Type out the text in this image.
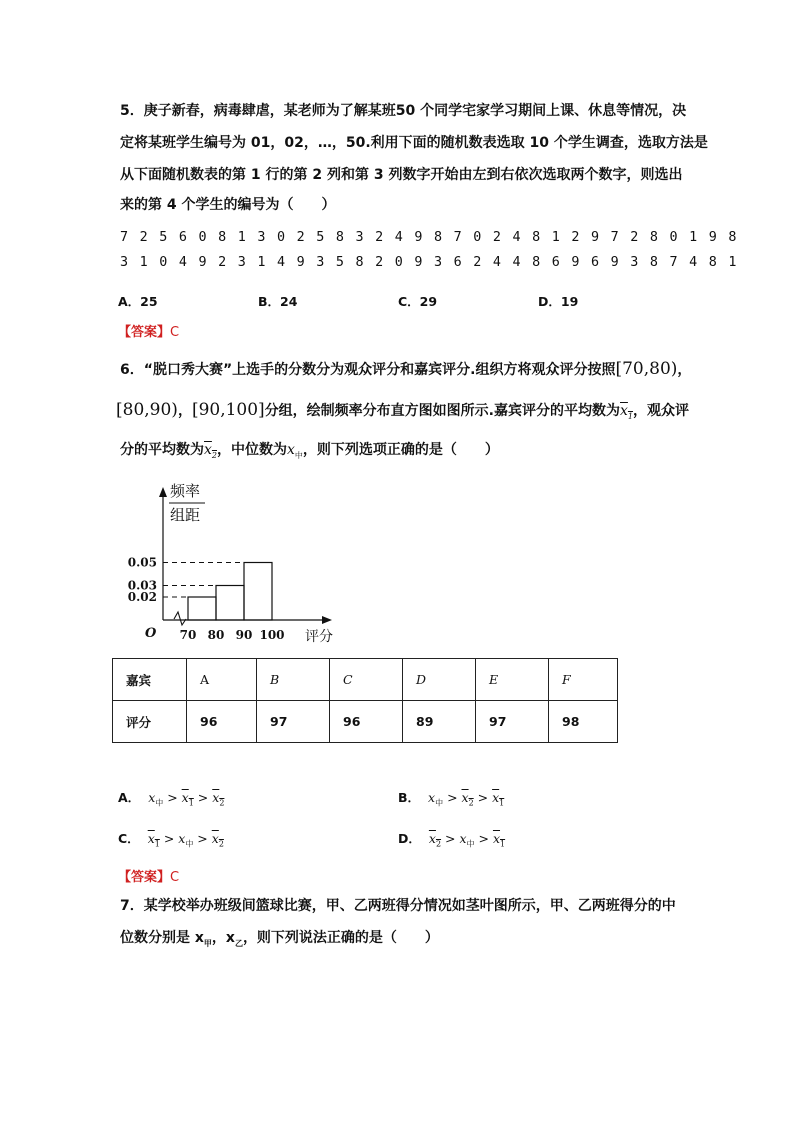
5．庚子新春，病毒肆虐，某老师为了解某班50 个同学宅家学习期间上课、休息等情况，决
定将某班学生编号为 01，02，…，50.利用下面的随机数表选取 10 个学生调查，选取方法是
从下面随机数表的第 1 行的第 2 列和第 3 列数字开始由左到右依次选取两个数字，则选出
来的第 4 个学生的编号为（　　）
7 2 5 6 0 8 1 3 0 2 5 8 3 2 4 9 8 7 0 2 4 8 1 2 9 7 2 8 0 1 9 8
3 1 0 4 9 2 3 1 4 9 3 5 8 2 0 9 3 6 2 4 4 8 6 9 6 9 3 8 7 4 8 1
A．25	B．24	C．29	D．19
【答案】C
6．“脱口秀大赛”上选手的分数分为观众评分和嘉宾评分.组织方将观众评分按照[70,80)，
[80,90)，[90,100]分组，绘制频率分布直方图如图所示.嘉宾评分的平均数为$x_1$，观众评
分的平均数为$x_2$，中位数为$x_中$，则下列选项正确的是（　　）
频率
组距
评分
O
0.05
0.03
0.02
70 80 90 100
嘉宾	A	B	C	D	E	F
评分	96	97	96	89	97	98
A． $x_中 > x_1 > x_2$	B． $x_中 > x_2 > x_1$
C． $x_1 > x_中 > x_2$	D． $x_2 > x_中 > x_1$
【答案】C
7．某学校举办班级间篮球比赛，甲、乙两班得分情况如茎叶图所示，甲、乙两班得分的中
位数分别是 $x_甲$，$x_乙$，则下列说法正确的是（　　）
